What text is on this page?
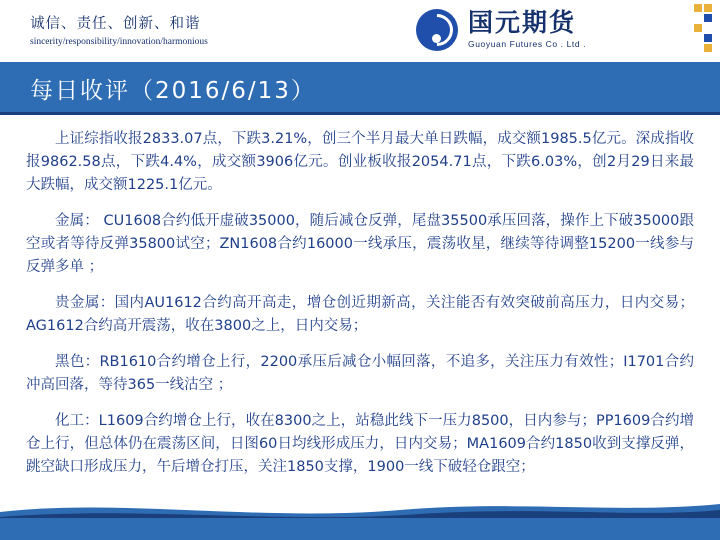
诚信、责任、创新、和谐
sincerity/responsibility/innovation/harmonious
国元期货
Guoyuan Futures Co . Ltd .
每日收评（2016/6/13）

上证综指收报2833.07点，下跌3.21%，创三个半月最大单日跌幅，成交额1985.5亿元。深成指收报9862.58点，下跌4.4%，成交额3906亿元。创业板收报2054.71点，下跌6.03%，创2月29日来最大跌幅，成交额1225.1亿元。

金属： CU1608合约低开虚破35000，随后减仓反弹，尾盘35500承压回落，操作上下破35000跟空或者等待反弹35800试空；ZN1608合约16000一线承压，震荡收星，继续等待调整15200一线参与反弹多单 ；

贵金属：国内AU1612合约高开高走，增仓创近期新高，关注能否有效突破前高压力，日内交易；AG1612合约高开震荡，收在3800之上，日内交易；

黑色：RB1610合约增仓上行，2200承压后减仓小幅回落，不追多，关注压力有效性；I1701合约冲高回落，等待365一线沽空 ；

化工：L1609合约增仓上行，收在8300之上，站稳此线下一压力8500，日内参与；PP1609合约增仓上行，但总体仍在震荡区间，日图60日均线形成压力，日内交易；MA1609合约1850收到支撑反弹，跳空缺口形成压力，午后增仓打压，关注1850支撑，1900一线下破轻仓跟空；
